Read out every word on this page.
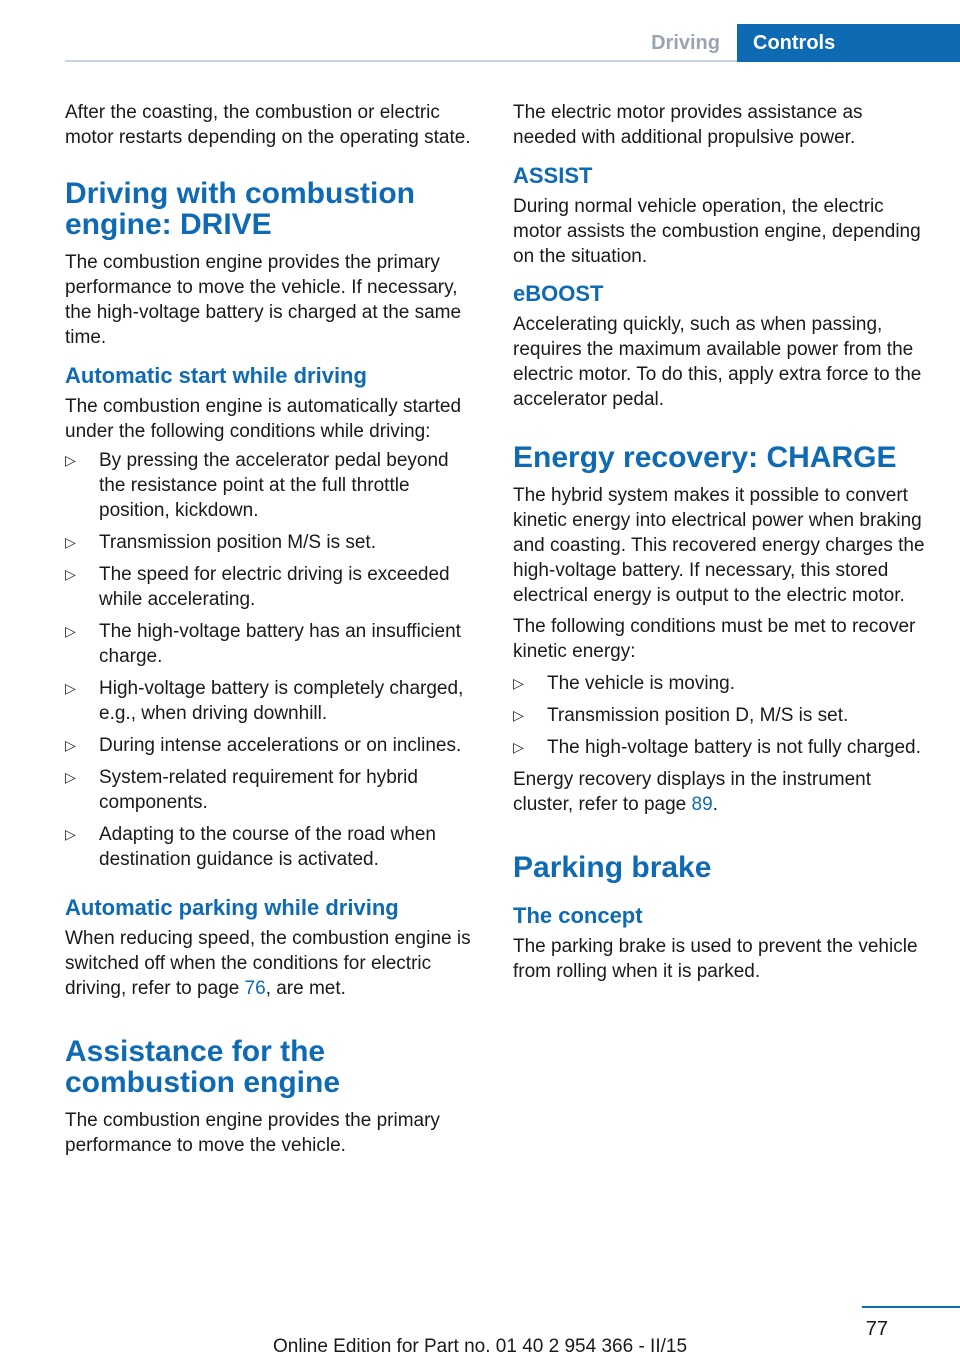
Driving	Controls

After the coasting, the combustion or electric motor restarts depending on the operating state.

Driving with combustion engine: DRIVE

The combustion engine provides the primary performance to move the vehicle. If necessary, the high-voltage battery is charged at the same time.

Automatic start while driving

The combustion engine is automatically started under the following conditions while driving:

▷ By pressing the accelerator pedal beyond the resistance point at the full throttle position, kickdown.
▷ Transmission position M/S is set.
▷ The speed for electric driving is exceeded while accelerating.
▷ The high-voltage battery has an insufficient charge.
▷ High-voltage battery is completely charged, e.g., when driving downhill.
▷ During intense accelerations or on inclines.
▷ System-related requirement for hybrid components.
▷ Adapting to the course of the road when destination guidance is activated.
Automatic parking while driving

When reducing speed, the combustion engine is switched off when the conditions for electric driving, refer to page 76, are met.

Assistance for the combustion engine

The combustion engine provides the primary performance to move the vehicle.

The electric motor provides assistance as needed with additional propulsive power.

ASSIST

During normal vehicle operation, the electric motor assists the combustion engine, depending on the situation.

eBOOST

Accelerating quickly, such as when passing, requires the maximum available power from the electric motor. To do this, apply extra force to the accelerator pedal.

Energy recovery: CHARGE

The hybrid system makes it possible to convert kinetic energy into electrical power when braking and coasting. This recovered energy charges the high-voltage battery. If necessary, this stored electrical energy is output to the electric motor.

The following conditions must be met to recover kinetic energy:

▷ The vehicle is moving.
▷ Transmission position D, M/S is set.
▷ The high-voltage battery is not fully charged.

Energy recovery displays in the instrument cluster, refer to page 89.

Parking brake
The concept

The parking brake is used to prevent the vehicle from rolling when it is parked.

77
Online Edition for Part no. 01 40 2 954 366 - II/15
